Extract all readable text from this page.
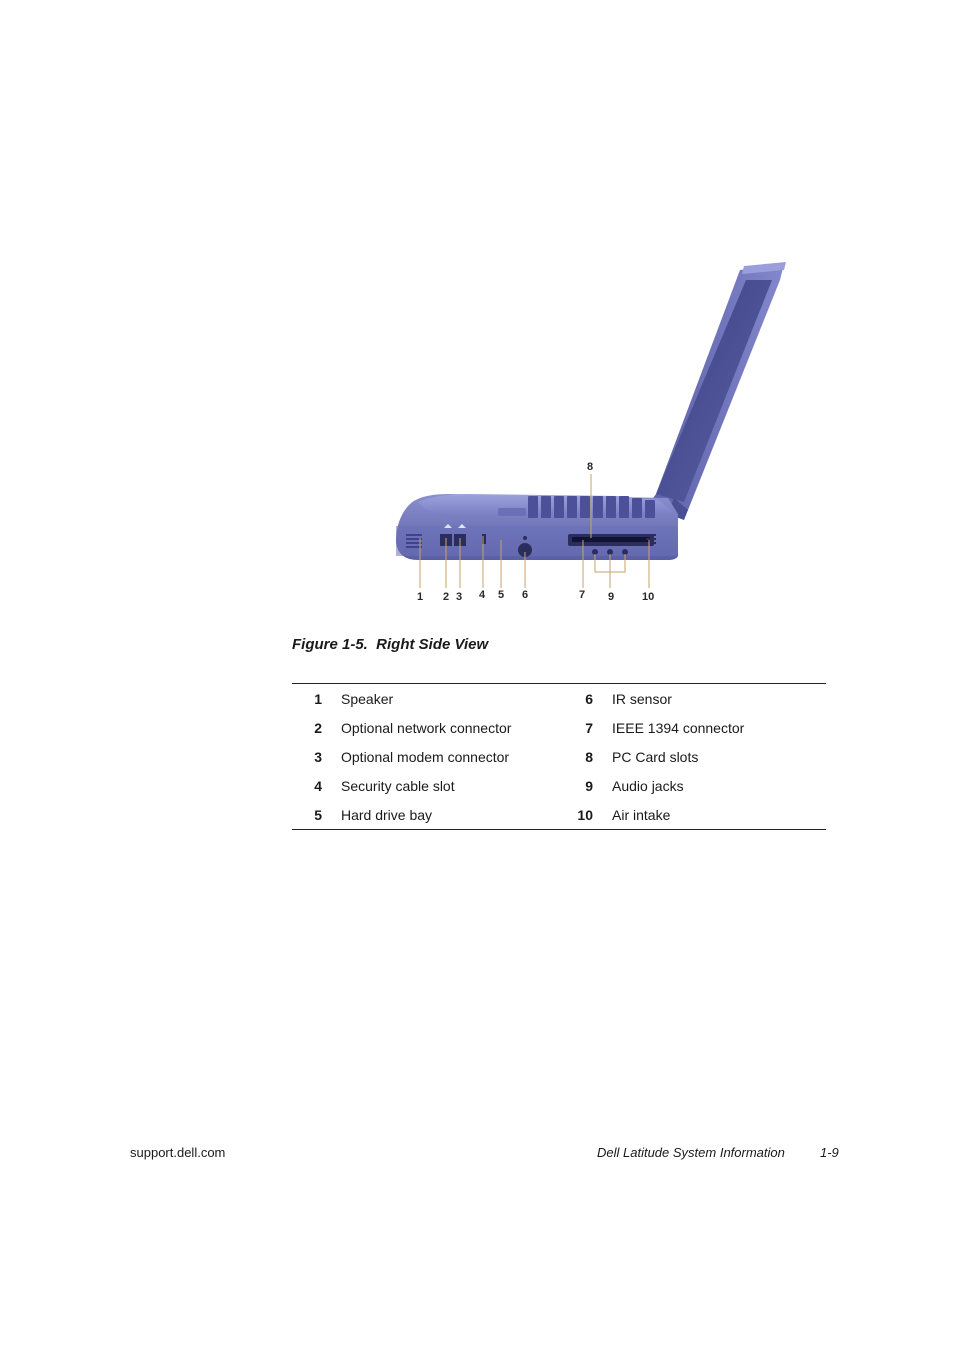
1 2 3 4 5 6	7
8
9	10
Figure 1-5.  Right Side View
1	Speaker	6	IR sensor
2	Optional network connector	7	IEEE 1394 connector
3	Optional modem connector	8	PC Card slots
4	Security cable slot	9	Audio jacks
5	Hard drive bay	10	Air intake
support.dell.com	Dell Latitude System Information	1-9
